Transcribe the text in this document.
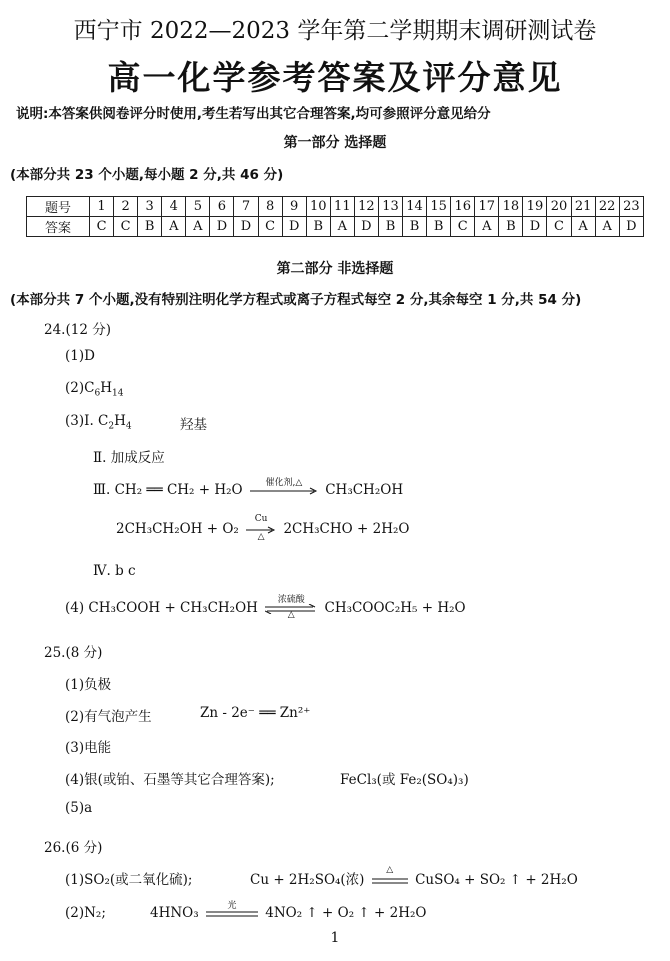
西宁市 2022—2023 学年第二学期期末调研测试卷
高一化学参考答案及评分意见
说明:本答案供阅卷评分时使用,考生若写出其它合理答案,均可参照评分意见给分
第一部分 选择题
(本部分共 23 个小题,每小题 2 分,共 46 分)
题号	1	2	3	4	5	6	7	8	9	10	11	12	13	14	15	16	17	18	19	20	21	22	23
答案	C	C	B	A	A	D	D	C	D	B	A	D	B	B	B	C	A	B	D	C	A	A	D
第二部分 非选择题
(本部分共 7 个小题,没有特别注明化学方程式或离子方程式每空 2 分,其余每空 1 分,共 54 分)
24.(12 分)
(1)D
$(2)C_6H_{14}$
(3)Ⅰ. $C_2H_4$	羟基
Ⅱ. 加成反应
Ⅲ. CH₂ ══ CH₂ + H₂O	催化剂,△	CH₃CH₂OH
2CH₃CH₂OH + O₂
Cu
△	2CH₃CHO + 2H₂O
Ⅳ. b c
(4) CH₃COOH + CH₃CH₂OH
浓硫酸
△	CH₃COOC₂H₅ + H₂O
25.(8 分)
(1)负极
(2)有气泡产生	Zn - 2e⁻ ══ Zn²⁺
(3)电能
(4)银(或铂、石墨等其它合理答案);	FeCl₃(或 Fe₂(SO₄)₃)
(5)a
26.(6 分)
(1)SO₂(或二氧化硫);	Cu + 2H₂SO₄(浓)
△
CuSO₄ + SO₂ ↑ + 2H₂O
(2)N₂;	4HNO₃	光	4NO₂ ↑ + O₂ ↑ + 2H₂O
1
